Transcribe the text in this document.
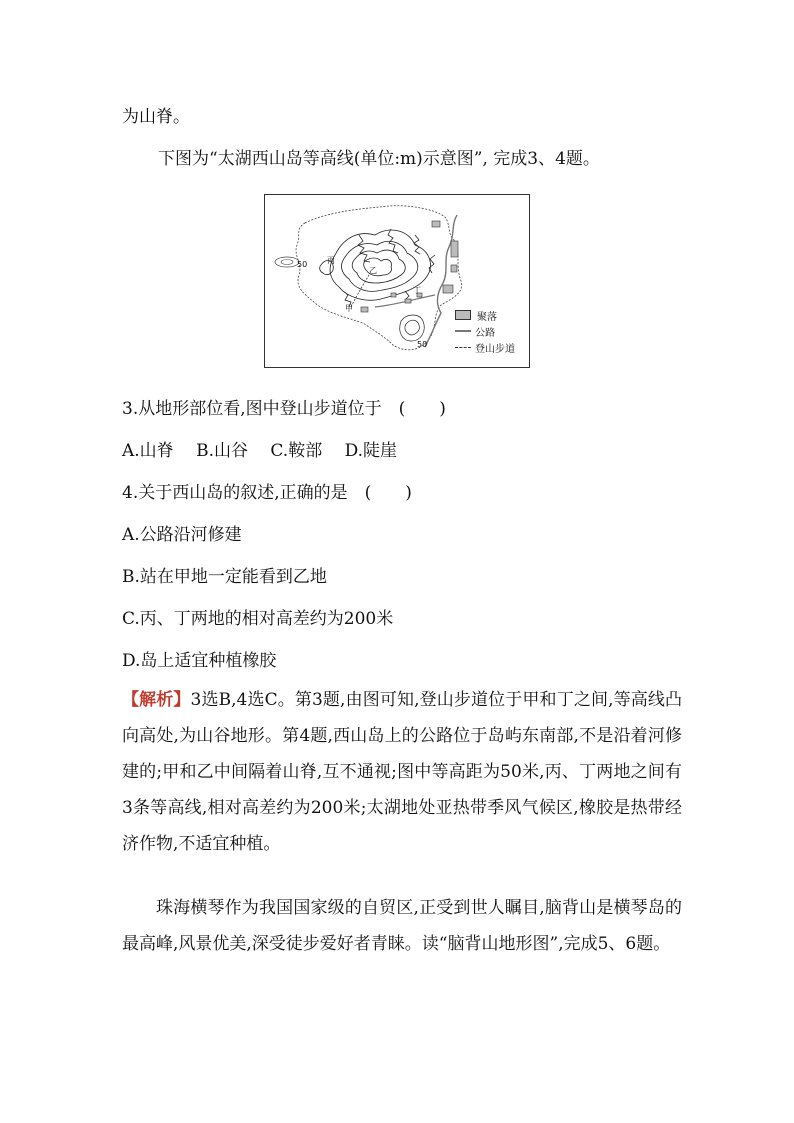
为山脊。
下图为“太湖西山岛等高线(单位:m)示意图”, 完成3、4题。
丙
甲
乙
丁
50
50
聚落
公路
登山步道
3.从地形部位看,图中登山步道位于　(　　)
A.山脊　 B.山谷　 C.鞍部　 D.陡崖
4.关于西山岛的叙述,正确的是　(　　)
A.公路沿河修建
B.站在甲地一定能看到乙地
C.丙、丁两地的相对高差约为200米
D.岛上适宜种植橡胶
【解析】3选B,4选C。第3题,由图可知,登山步道位于甲和丁之间,等高线凸向高处,为山谷地形。第4题,西山岛上的公路位于岛屿东南部,不是沿着河修建的;甲和乙中间隔着山脊,互不通视;图中等高距为50米,丙、丁两地之间有3条等高线,相对高差约为200米;太湖地处亚热带季风气候区,橡胶是热带经济作物,不适宜种植。
珠海横琴作为我国国家级的自贸区,正受到世人瞩目,脑背山是横琴岛的最高峰,风景优美,深受徒步爱好者青睐。读“脑背山地形图”,完成5、6题。
